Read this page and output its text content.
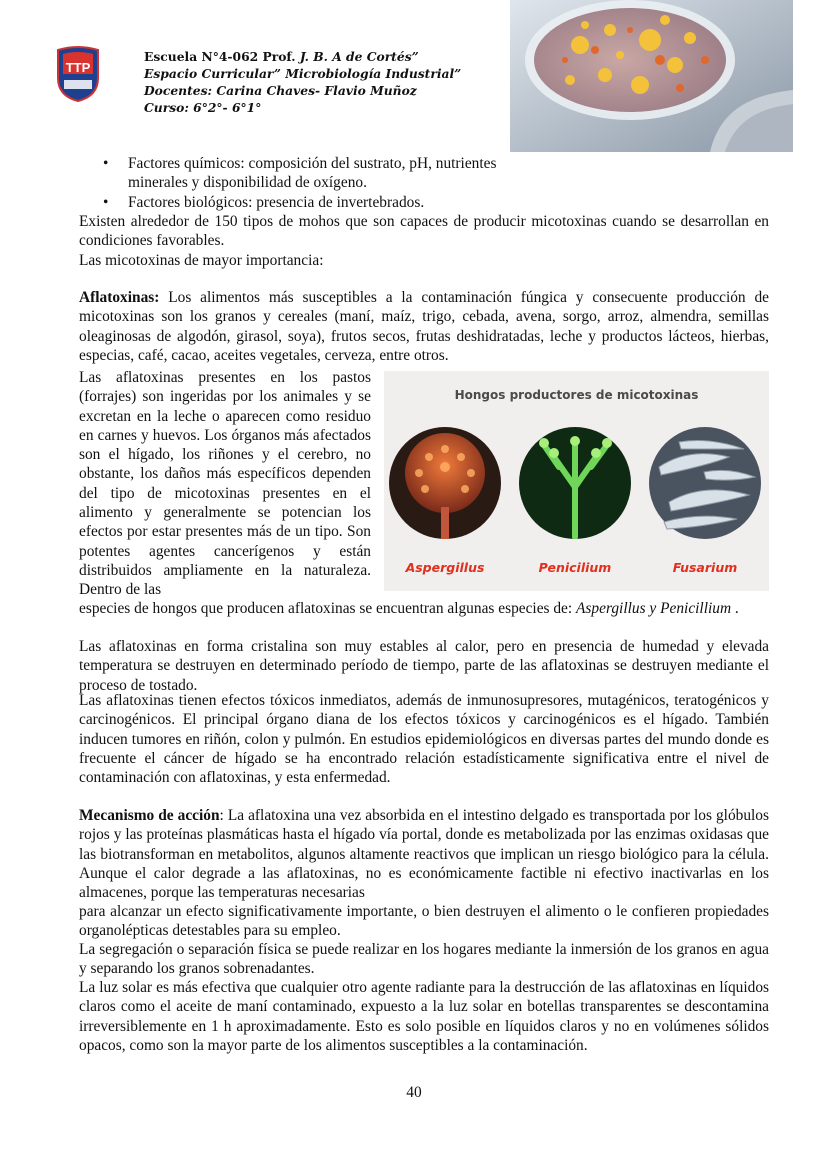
TTP
Escuela N°4-062 Prof. J. B. A de Cortés”
Espacio Curricular” Microbiología Industrial”
Docentes: Carina Chaves- Flavio Muñoz
Curso: 6°2°- 6°1°
• Factores químicos: composición del sustrato, pH, nutrientes minerales y disponibilidad de oxígeno.
• Factores biológicos: presencia de invertebrados.

Existen alrededor de 150 tipos de mohos que son capaces de producir micotoxinas cuando se desarrollan en condiciones favorables.

Las micotoxinas de mayor importancia:

Aflatoxinas: Los alimentos más susceptibles a la contaminación fúngica y consecuente producción de micotoxinas son los granos y cereales (maní, maíz, trigo, cebada, avena, sorgo, arroz, almendra, semillas oleaginosas de algodón, girasol, soya), frutos secos, frutas deshidratadas, leche y productos lácteos, hierbas, especias, café, cacao, aceites vegetales, cerveza, entre otros.

Las aflatoxinas presentes en los pastos (forrajes) son ingeridas por los animales y se excretan en la leche o aparecen como residuo en carnes y huevos. Los órganos más afectados son el hígado, los riñones y el cerebro, no obstante, los daños más específicos dependen del tipo de micotoxinas presentes en el alimento y generalmente se potencian los efectos por estar presentes más de un tipo. Son potentes agentes cancerígenos y están distribuidos ampliamente en la naturaleza. Dentro de las

Hongos productores de micotoxinas
Aspergillus	Penicilium	Fusarium

especies de hongos que producen aflatoxinas se encuentran algunas especies de: Aspergillus y Penicillium .

Las aflatoxinas en forma cristalina son muy estables al calor, pero en presencia de humedad y elevada temperatura se destruyen en determinado período de tiempo, parte de las aflatoxinas se destruyen mediante el proceso de tostado.

Las aflatoxinas tienen efectos tóxicos inmediatos, además de inmunosupresores, mutagénicos, teratogénicos y carcinogénicos. El principal órgano diana de los efectos tóxicos y carcinogénicos es el hígado. También inducen tumores en riñón, colon y pulmón. En estudios epidemiológicos en diversas partes del mundo donde es frecuente el cáncer de hígado se ha encontrado relación estadísticamente significativa entre el nivel de contaminación con aflatoxinas, y esta enfermedad.

Mecanismo de acción: La aflatoxina una vez absorbida en el intestino delgado es transportada por los glóbulos rojos y las proteínas plasmáticas hasta el hígado vía portal, donde es metabolizada por las enzimas oxidasas que las biotransforman en metabolitos, algunos altamente reactivos que implican un riesgo biológico para la célula. Aunque el calor degrade a las aflatoxinas, no es económicamente factible ni efectivo inactivarlas en los almacenes, porque las temperaturas necesarias

para alcanzar un efecto significativamente importante, o bien destruyen el alimento o le confieren propiedades organolépticas detestables para su empleo.

La segregación o separación física se puede realizar en los hogares mediante la inmersión de los granos en agua y separando los granos sobrenadantes.

La luz solar es más efectiva que cualquier otro agente radiante para la destrucción de las aflatoxinas en líquidos claros como el aceite de maní contaminado, expuesto a la luz solar en botellas transparentes se descontamina irreversiblemente en 1 h aproximadamente. Esto es solo posible en líquidos claros y no en volúmenes sólidos opacos, como son la mayor parte de los alimentos susceptibles a la contaminación.

40
